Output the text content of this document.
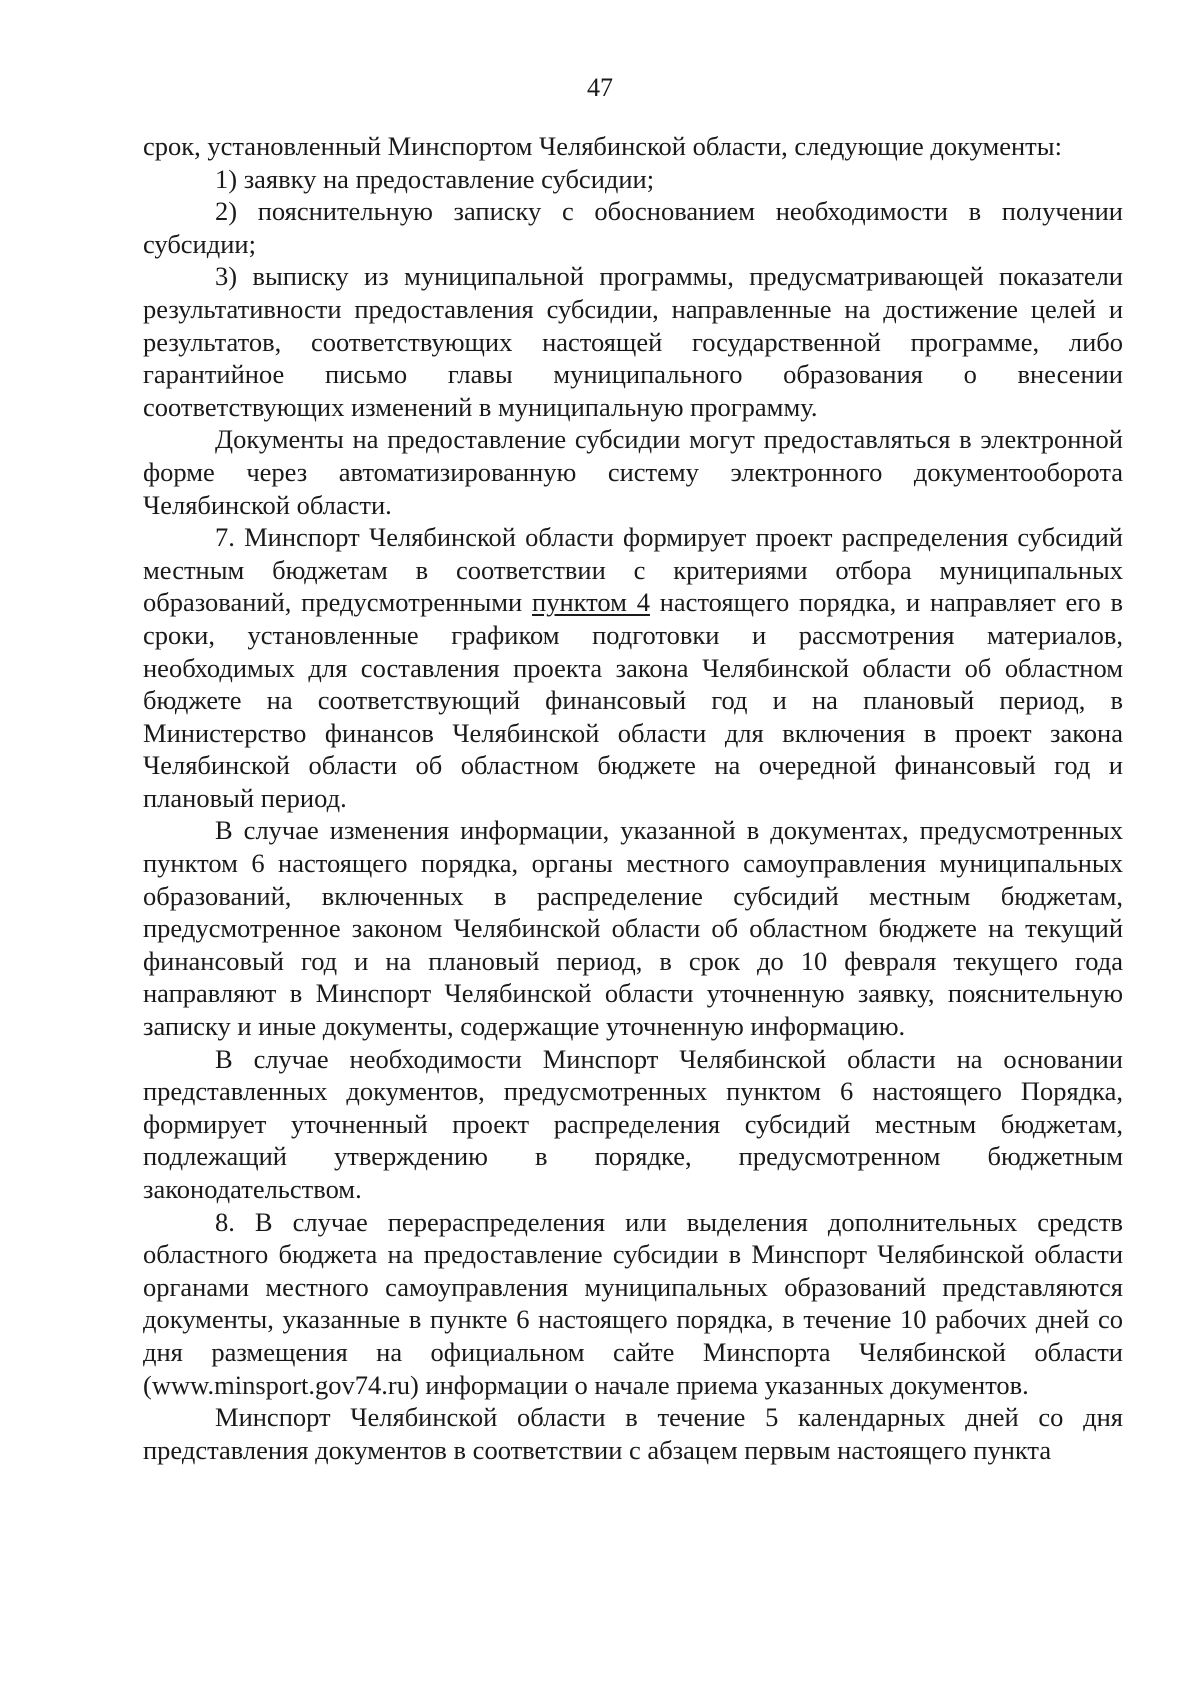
47

срок, установленный Минспортом Челябинской области, следующие документы:

1) заявку на предоставление субсидии;

2) пояснительную записку с обоснованием необходимости в получении субсидии;

3) выписку из муниципальной программы, предусматривающей показатели результативности предоставления субсидии, направленные на достижение целей и результатов, соответствующих настоящей государственной программе, либо гарантийное письмо главы муниципального образования о внесении соответствующих изменений в муниципальную программу.

Документы на предоставление субсидии могут предоставляться в электронной форме через автоматизированную систему электронного документооборота Челябинской области.

7. Минспорт Челябинской области формирует проект распределения субсидий местным бюджетам в соответствии с критериями отбора муниципальных образований, предусмотренными пунктом 4 настоящего порядка, и направляет его в сроки, установленные графиком подготовки и рассмотрения материалов, необходимых для составления проекта закона Челябинской области об областном бюджете на соответствующий финансовый год и на плановый период, в Министерство финансов Челябинской области для включения в проект закона Челябинской области об областном бюджете на очередной финансовый год и плановый период.

В случае изменения информации, указанной в документах, предусмотренных пунктом 6 настоящего порядка, органы местного самоуправления муниципальных образований, включенных в распределение субсидий местным бюджетам, предусмотренное законом Челябинской области об областном бюджете на текущий финансовый год и на плановый период, в срок до 10 февраля текущего года направляют в Минспорт Челябинской области уточненную заявку, пояснительную записку и иные документы, содержащие уточненную информацию.

В случае необходимости Минспорт Челябинской области на основании представленных документов, предусмотренных пунктом 6 настоящего Порядка, формирует уточненный проект распределения субсидий местным бюджетам, подлежащий утверждению в порядке, предусмотренном бюджетным законодательством.

8. В случае перераспределения или выделения дополнительных средств областного бюджета на предоставление субсидии в Минспорт Челябинской области органами местного самоуправления муниципальных образований представляются документы, указанные в пункте 6 настоящего порядка, в течение 10 рабочих дней со дня размещения на официальном сайте Минспорта Челябинской области (www.minsport.gov74.ru) информации о начале приема указанных документов.

Минспорт Челябинской области в течение 5 календарных дней со дня представления документов в соответствии с абзацем первым настоящего пункта
